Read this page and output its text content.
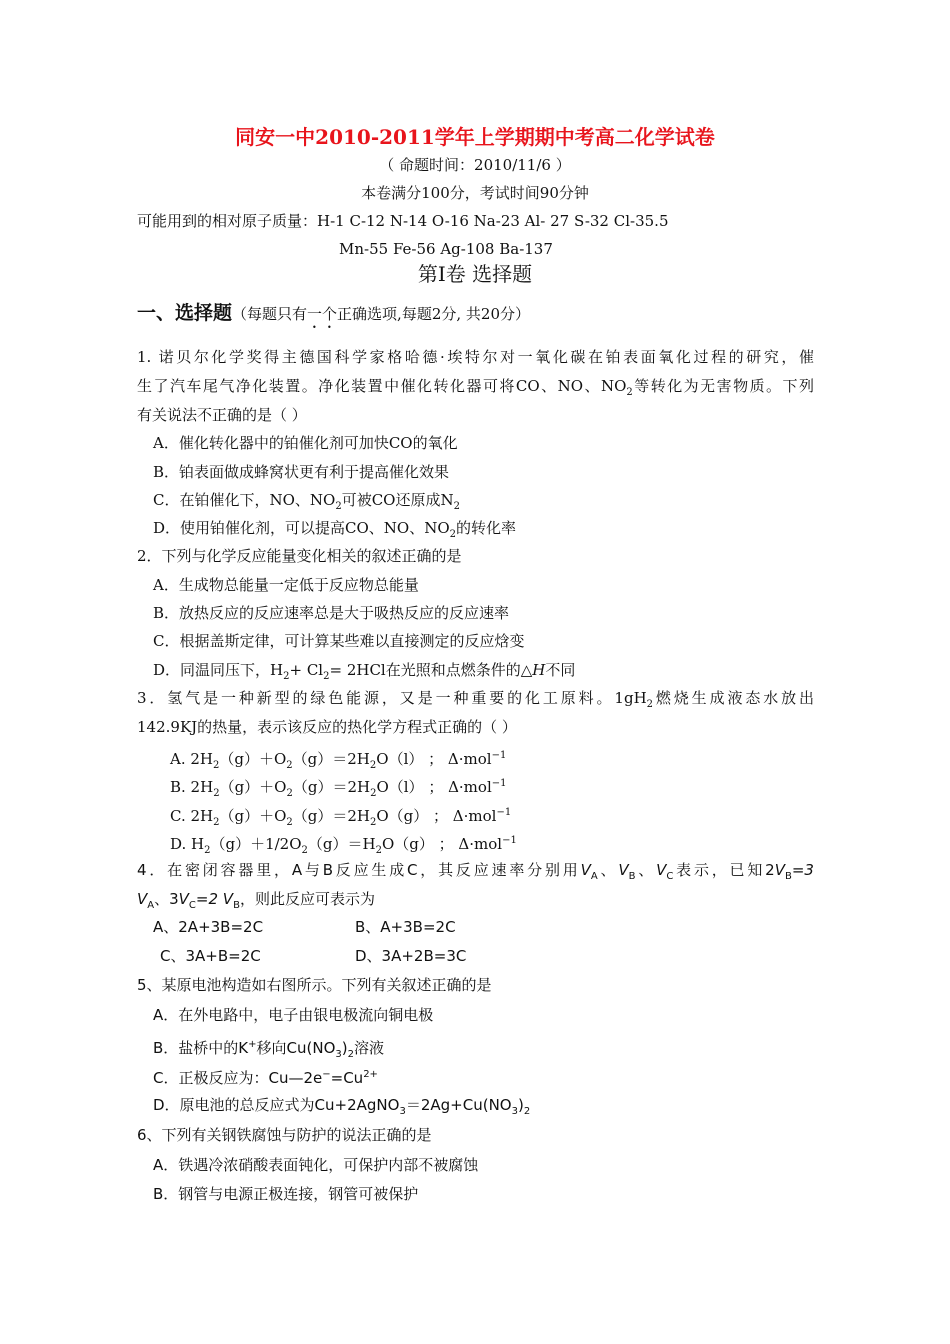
同安一中2010-2011学年上学期期中考高二化学试卷
（ 命题时间：2010/11/6 ）
本卷满分100分，考试时间90分钟
可能用到的相对原子质量：H-1 C-12 N-14 O-16 Na-23 Al- 27 S-32 Cl-35.5
Mn-55 Fe-56 Ag-108 Ba-137
第Ⅰ卷 选择题
一、选择题（每题只有一个正确选项,每题2分, 共20分）
1. 诺贝尔化学奖得主德国科学家格哈德·埃特尔对一氧化碳在铂表面氧化过程的研究，催
生了汽车尾气净化装置。净化装置中催化转化器可将CO、NO、$NO_2$等转化为无害物质。下列
有关说法不正确的是（ ）
A．催化转化器中的铂催化剂可加快CO的氧化
B．铂表面做成蜂窝状更有利于提高催化效果
C．在铂催化下，NO、$NO_2$可被CO还原成$N_2$
D．使用铂催化剂，可以提高CO、NO、$NO_2$的转化率
2．下列与化学反应能量变化相关的叙述正确的是
A．生成物总能量一定低于反应物总能量
B．放热反应的反应速率总是大于吸热反应的反应速率
C．根据盖斯定律，可计算某些难以直接测定的反应焓变
D．同温同压下，$H_2+ Cl_2= 2HCl$在光照和点燃条件的△H不同
3．氢气是一种新型的绿色能源，又是一种重要的化工原料。$1gH_2$燃烧生成液态水放出
142.9KJ的热量，表示该反应的热化学方程式正确的（ ）
A. $2H_2(g)+O_2(g)=2H_2O(l)$ ； Δ·mol$^{-1}$
B. $2H_2(g)+O_2(g)=2H_2O(l)$ ； Δ·mol$^{-1}$
C. $2H_2(g)+O_2(g)=2H_2O(g)$ ； Δ·mol$^{-1}$
D. $H_2(g)+1/2O_2(g)=H_2O(g)$ ； Δ·mol$^{-1}$
4．在密闭容器里，A与B反应生成C，其反应速率分别用$V_A$、$V_B$、$V_C$表示，已知$2V_B=3$
$V_A$、$3V_C=2$ $V_B$，则此反应可表示为
A、2A+3B=2C	B、A+3B=2C
C、3A+B=2C	D、3A+2B=3C
5、某原电池构造如右图所示。下列有关叙述正确的是
A．在外电路中，电子由银电极流向铜电极
B．盐桥中的K+移向$Cu(NO_3)_2$溶液
C．正极反应为：$Cu—2e^-=Cu^{2+}$
D．原电池的总反应式为$Cu+2AgNO_3=2Ag+Cu(NO_3)_2$
6、下列有关钢铁腐蚀与防护的说法正确的是
A．铁遇冷浓硝酸表面钝化，可保护内部不被腐蚀
B．钢管与电源正极连接，钢管可被保护
